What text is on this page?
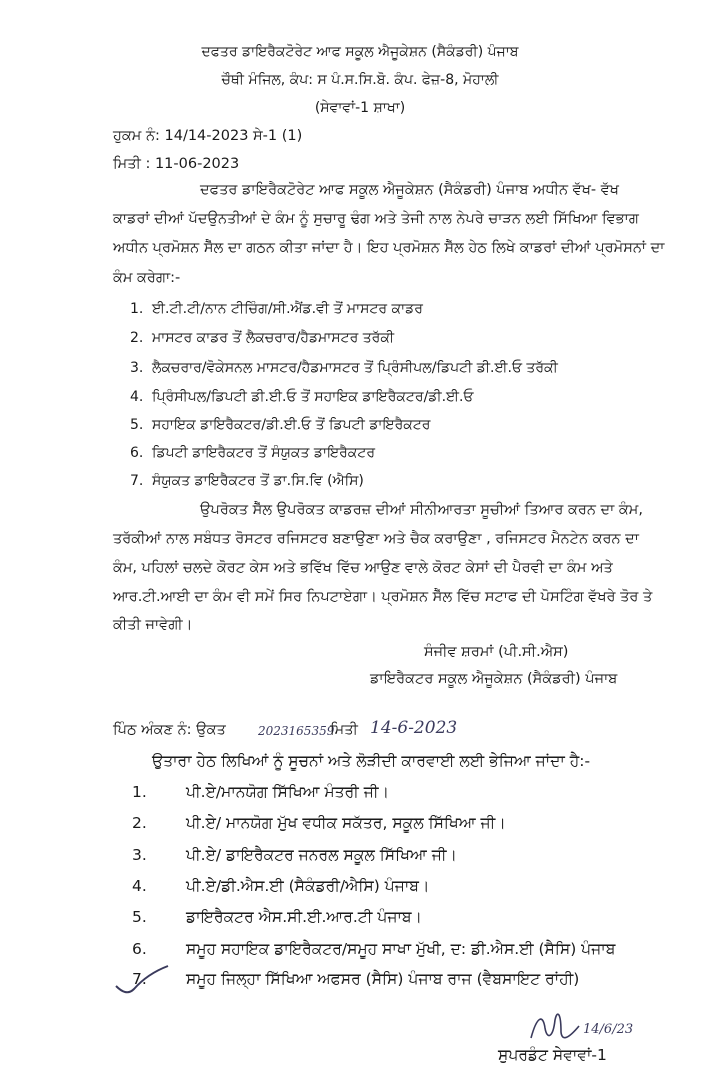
ਦਫਤਰ ਡਾਇਰੈਕਟੋਰੇਟ ਆਫ ਸਕੂਲ ਐਜੂਕੇਸ਼ਨ (ਸੈਕੰਡਰੀ) ਪੰਜਾਬ
ਚੌਥੀ ਮੰਜਿਲ, ਕੰਪ: ਸ ਪੰ.ਸ.ਸਿ.ਬੋ. ਕੰਪ. ਫੇਜ਼-8, ਮੋਹਾਲੀ
(ਸੇਵਾਵਾਂ-1 ਸ਼ਾਖਾ)
ਹੁਕਮ ਨੰ: 14/14-2023 ਸੇ-1 (1)
ਮਿਤੀ : 11-06-2023
ਦਫਤਰ ਡਾਇਰੈਕਟੋਰੇਟ ਆਫ ਸਕੂਲ ਐਜੂਕੇਸ਼ਨ (ਸੈਕੰਡਰੀ) ਪੰਜਾਬ ਅਧੀਨ ਵੱਖ- ਵੱਖ
ਕਾਡਰਾਂ ਦੀਆਂ ਪੱਦਉਨਤੀਆਂ ਦੇ ਕੰਮ ਨੂੰ ਸੁਚਾਰੂ ਢੰਗ ਅਤੇ ਤੇਜੀ ਨਾਲ ਨੇਪਰੇ ਚਾੜਨ ਲਈ ਸਿੱਖਿਆ ਵਿਭਾਗ
ਅਧੀਨ ਪ੍ਰਮੋਸ਼ਨ ਸੈੱਲ ਦਾ ਗਠਨ ਕੀਤਾ ਜਾਂਦਾ ਹੈ। ਇਹ ਪ੍ਰਮੋਸ਼ਨ ਸੈੱਲ ਹੇਠ ਲਿਖੇ ਕਾਡਰਾਂ ਦੀਆਂ ਪ੍ਰਮੋਸਨਾਂ ਦਾ
ਕੰਮ ਕਰੇਗਾ:-
1. ਈ.ਟੀ.ਟੀ/ਨਾਨ ਟੀਚਿੰਗ/ਸੀ.ਐਂਡ.ਵੀ ਤੋਂ ਮਾਸਟਰ ਕਾਡਰ
2. ਮਾਸਟਰ ਕਾਡਰ ਤੋਂ ਲੈਕਚਰਾਰ/ਹੈਡਮਾਸਟਰ ਤਰੱਕੀ
3. ਲੈਕਚਰਾਰ/ਵੋਕੇਸਨਲ ਮਾਸਟਰ/ਹੈਡਮਾਸਟਰ ਤੋਂ ਪ੍ਰਿੰਸੀਪਲ/ਡਿਪਟੀ ਡੀ.ਈ.ਓ ਤਰੱਕੀ
4. ਪ੍ਰਿੰਸੀਪਲ/ਡਿਪਟੀ ਡੀ.ਈ.ਓ ਤੋਂ ਸਹਾਇਕ ਡਾਇਰੈਕਟਰ/ਡੀ.ਈ.ਓ
5. ਸਹਾਇਕ ਡਾਇਰੈਕਟਰ/ਡੀ.ਈ.ਓ ਤੋਂ ਡਿਪਟੀ ਡਾਇਰੈਕਟਰ
6. ਡਿਪਟੀ ਡਾਇਰੈਕਟਰ ਤੋਂ ਸੰਯੁਕਤ ਡਾਇਰੈਕਟਰ
7. ਸੰਯੁਕਤ ਡਾਇਰੈਕਟਰ ਤੋਂ ਡਾ.ਸਿ.ਵਿ (ਐਸਿ)
ਉਪਰੋਕਤ ਸੈੱਲ ਉਪਰੋਕਤ ਕਾਡਰਜ਼ ਦੀਆਂ ਸੀਨੀਆਰਤਾ ਸੂਚੀਆਂ ਤਿਆਰ ਕਰਨ ਦਾ ਕੰਮ,
ਤਰੱਕੀਆਂ ਨਾਲ ਸਬੰਧਤ ਰੋਸਟਰ ਰਜਿਸਟਰ ਬਣਾਉਣਾ ਅਤੇ ਚੈਕ ਕਰਾਉਣਾ , ਰਜਿਸਟਰ ਮੈਨਟੇਨ ਕਰਨ ਦਾ
ਕੰਮ, ਪਹਿਲਾਂ ਚਲਦੇ ਕੋਰਟ ਕੇਸ ਅਤੇ ਭਵਿੱਖ ਵਿੱਚ ਆਉਣ ਵਾਲੇ ਕੋਰਟ ਕੇਸਾਂ ਦੀ ਪੈਰਵੀ ਦਾ ਕੰਮ ਅਤੇ
ਆਰ.ਟੀ.ਆਈ ਦਾ ਕੰਮ ਵੀ ਸਮੇਂ ਸਿਰ ਨਿਪਟਾਏਗਾ। ਪ੍ਰਮੋਸ਼ਨ ਸੈੱਲ ਵਿੱਚ ਸਟਾਫ ਦੀ ਪੋਸਟਿੰਗ ਵੱਖਰੇ ਤੋਰ ਤੇ
ਕੀਤੀ ਜਾਵੇਗੀ।
ਸੰਜੀਵ ਸ਼ਰਮਾਂ (ਪੀ.ਸੀ.ਐਸ)
ਡਾਇਰੈਕਟਰ ਸਕੂਲ ਐਜੂਕੇਸ਼ਨ (ਸੈਕੰਡਰੀ) ਪੰਜਾਬ
ਪਿੰਠ ਅੰਕਣ ਨੰ: ਉਕਤ	2023165359
ਮਿਤੀ 14-6-2023
ਉਤਾਰਾ ਹੇਠ ਲਿਖਿਆਂ ਨੂੰ ਸੂਚਨਾਂ ਅਤੇ ਲੋੜੀਦੀ ਕਾਰਵਾਈ ਲਈ ਭੇਜਿਆ ਜਾਂਦਾ ਹੈ:-
1.	ਪੀ.ਏ/ਮਾਨਯੋਗ ਸਿੱਖਿਆ ਮੰਤਰੀ ਜੀ।
2.	ਪੀ.ਏ/ ਮਾਨਯੋਗ ਮੁੱਖ ਵਧੀਕ ਸਕੱਤਰ, ਸਕੂਲ ਸਿੱਖਿਆ ਜੀ।
3.	ਪੀ.ਏ/ ਡਾਇਰੈਕਟਰ ਜਨਰਲ ਸਕੂਲ ਸਿੱਖਿਆ ਜੀ।
4.	ਪੀ.ਏ/ਡੀ.ਐਸ.ਈ (ਸੈਕੰਡਰੀ/ਐਸਿ) ਪੰਜਾਬ।
5.	ਡਾਇਰੈਕਟਰ ਐਸ.ਸੀ.ਈ.ਆਰ.ਟੀ ਪੰਜਾਬ।
6.	ਸਮੂਹ ਸਹਾਇਕ ਡਾਇਰੈਕਟਰ/ਸਮੂਹ ਸਾਖਾ ਮੁੱਖੀ, ਦ: ਡੀ.ਐਸ.ਈ (ਸੈਸਿ) ਪੰਜਾਬ
7.	ਸਮੂਹ ਜਿਲ੍ਹਾ ਸਿੱਖਿਆ ਅਫਸਰ (ਸੈਸਿ) ਪੰਜਾਬ ਰਾਜ (ਵੈਬਸਾਇਟ ਰਾਂਹੀ)
14/6/23
ਸੁਪਰਡੰਟ ਸੇਵਾਵਾਂ-1
